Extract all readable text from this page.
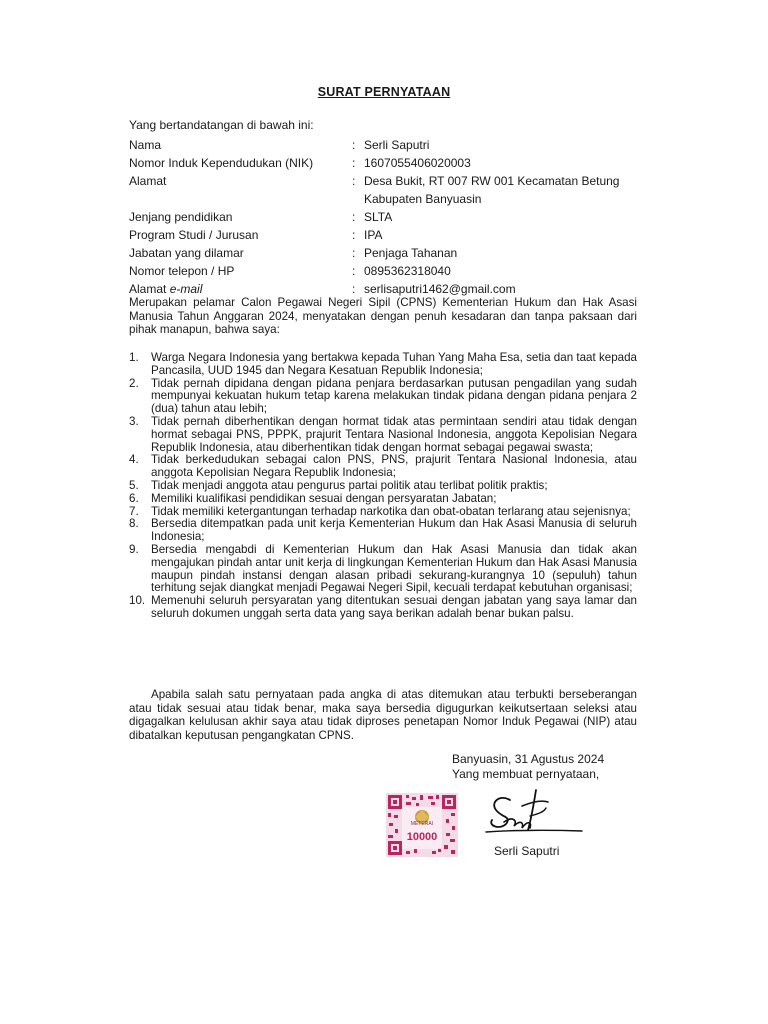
SURAT PERNYATAAN
Yang bertandatangan di bawah ini:
Nama	: Serli Saputri
Nomor Induk Kependudukan (NIK)	: 1607055406020003
Alamat	: Desa Bukit, RT 007 RW 001 Kecamatan Betung
Kabupaten Banyuasin
Jenjang pendidikan	: SLTA
Program Studi / Jurusan	: IPA
Jabatan yang dilamar	: Penjaga Tahanan
Nomor telepon / HP	: 0895362318040
Alamat e-mail	: serlisaputri1462@gmail.com
Merupakan pelamar Calon Pegawai Negeri Sipil (CPNS) Kementerian Hukum dan Hak Asasi Manusia Tahun Anggaran 2024, menyatakan dengan penuh kesadaran dan tanpa paksaan dari pihak manapun, bahwa saya:
1.	Warga Negara Indonesia yang bertakwa kepada Tuhan Yang Maha Esa, setia dan taat kepada Pancasila, UUD 1945 dan Negara Kesatuan Republik Indonesia;
2.	Tidak pernah dipidana dengan pidana penjara berdasarkan putusan pengadilan yang sudah mempunyai kekuatan hukum tetap karena melakukan tindak pidana dengan pidana penjara 2 (dua) tahun atau lebih;
3.	Tidak pernah diberhentikan dengan hormat tidak atas permintaan sendiri atau tidak dengan hormat sebagai PNS, PPPK, prajurit Tentara Nasional Indonesia, anggota Kepolisian Negara Republik Indonesia, atau diberhentikan tidak dengan hormat sebagai pegawai swasta;
4.	Tidak berkedudukan sebagai calon PNS, PNS, prajurit Tentara Nasional Indonesia, atau anggota Kepolisian Negara Republik Indonesia;
5.	Tidak menjadi anggota atau pengurus partai politik atau terlibat politik praktis;
6.	Memiliki kualifikasi pendidikan sesuai dengan persyaratan Jabatan;
7.	Tidak memiliki ketergantungan terhadap narkotika dan obat-obatan terlarang atau sejenisnya;
8.	Bersedia ditempatkan pada unit kerja Kementerian Hukum dan Hak Asasi Manusia di seluruh Indonesia;
9.	Bersedia mengabdi di Kementerian Hukum dan Hak Asasi Manusia dan tidak akan mengajukan pindah antar unit kerja di lingkungan Kementerian Hukum dan Hak Asasi Manusia maupun pindah instansi dengan alasan pribadi sekurang-kurangnya 10 (sepuluh) tahun terhitung sejak diangkat menjadi Pegawai Negeri Sipil, kecuali terdapat kebutuhan organisasi;
10. Memenuhi seluruh persyaratan yang ditentukan sesuai dengan jabatan yang saya lamar dan seluruh dokumen unggah serta data yang saya berikan adalah benar bukan palsu.
Apabila salah satu pernyataan pada angka di atas ditemukan atau terbukti berseberangan atau tidak sesuai atau tidak benar, maka saya bersedia digugurkan keikutsertaan seleksi atau digagalkan kelulusan akhir saya atau tidak diproses penetapan Nomor Induk Pegawai (NIP) atau dibatalkan keputusan pengangkatan CPNS.
Banyuasin, 31 Agustus 2024
Yang membuat pernyataan,
METERAI
10000
Serli Saputri
